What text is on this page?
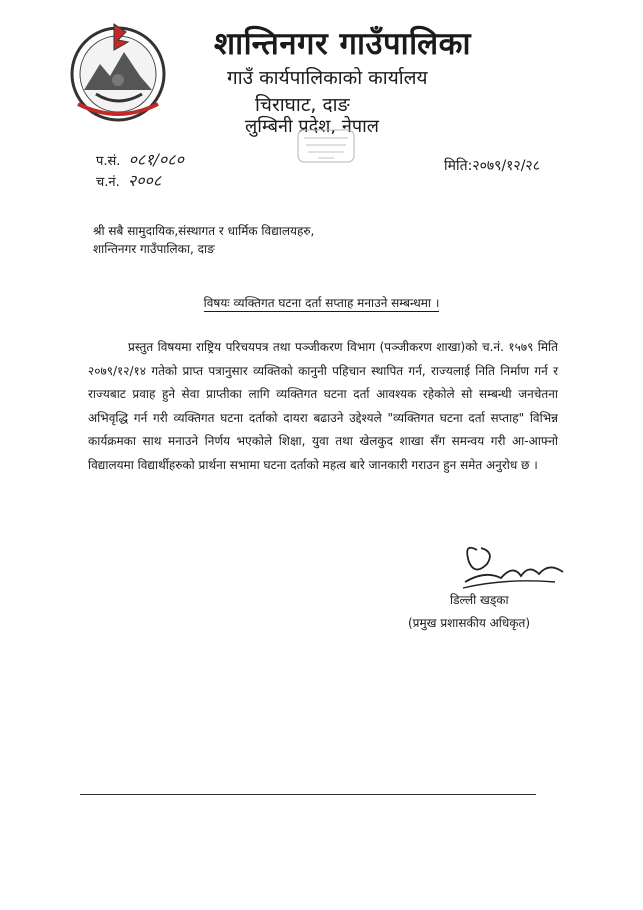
शान्तिनगर गाउँपालिका
गाउँ कार्यपालिकाको कार्यालय
चिराघाट, दाङ
लुम्बिनी प्रदेश, नेपाल
प.सं. ०८१/०८०
च.नं. २००८
मिति:२०७९/१२/२८
श्री सबै सामुदायिक,संस्थागत र धार्मिक विद्यालयहरु,
शान्तिनगर गाउँपालिका, दाङ
विषयः व्यक्तिगत घटना दर्ता सप्ताह मनाउने सम्बन्धमा ।
प्रस्तुत विषयमा राष्ट्रिय परिचयपत्र तथा पञ्जीकरण विभाग (पञ्जीकरण शाखा)को च.नं. १५७९ मिति २०७९/१२/१४ गतेको प्राप्त पत्रानुसार व्यक्तिको कानुनी पहिचान स्थापित गर्न, राज्यलाई निति निर्माण गर्न र राज्यबाट प्रवाह हुने सेवा प्राप्तीका लागि व्यक्तिगत घटना दर्ता आवश्यक रहेकोले सो सम्बन्धी जनचेतना अभिवृद्धि गर्न गरी व्यक्तिगत घटना दर्ताको दायरा बढाउने उद्देश्यले "व्यक्तिगत घटना दर्ता सप्ताह" विभिन्न कार्यक्रमका साथ मनाउने निर्णय भएकोले शिक्षा, युवा तथा खेलकुद शाखा सँग समन्वय गरी आ-आफ्नो विद्यालयमा विद्यार्थीहरुको प्रार्थना सभामा घटना दर्ताको महत्व बारे जानकारी गराउन हुन समेत अनुरोध छ ।
डिल्ली खड्का
(प्रमुख प्रशासकीय अधिकृत)
